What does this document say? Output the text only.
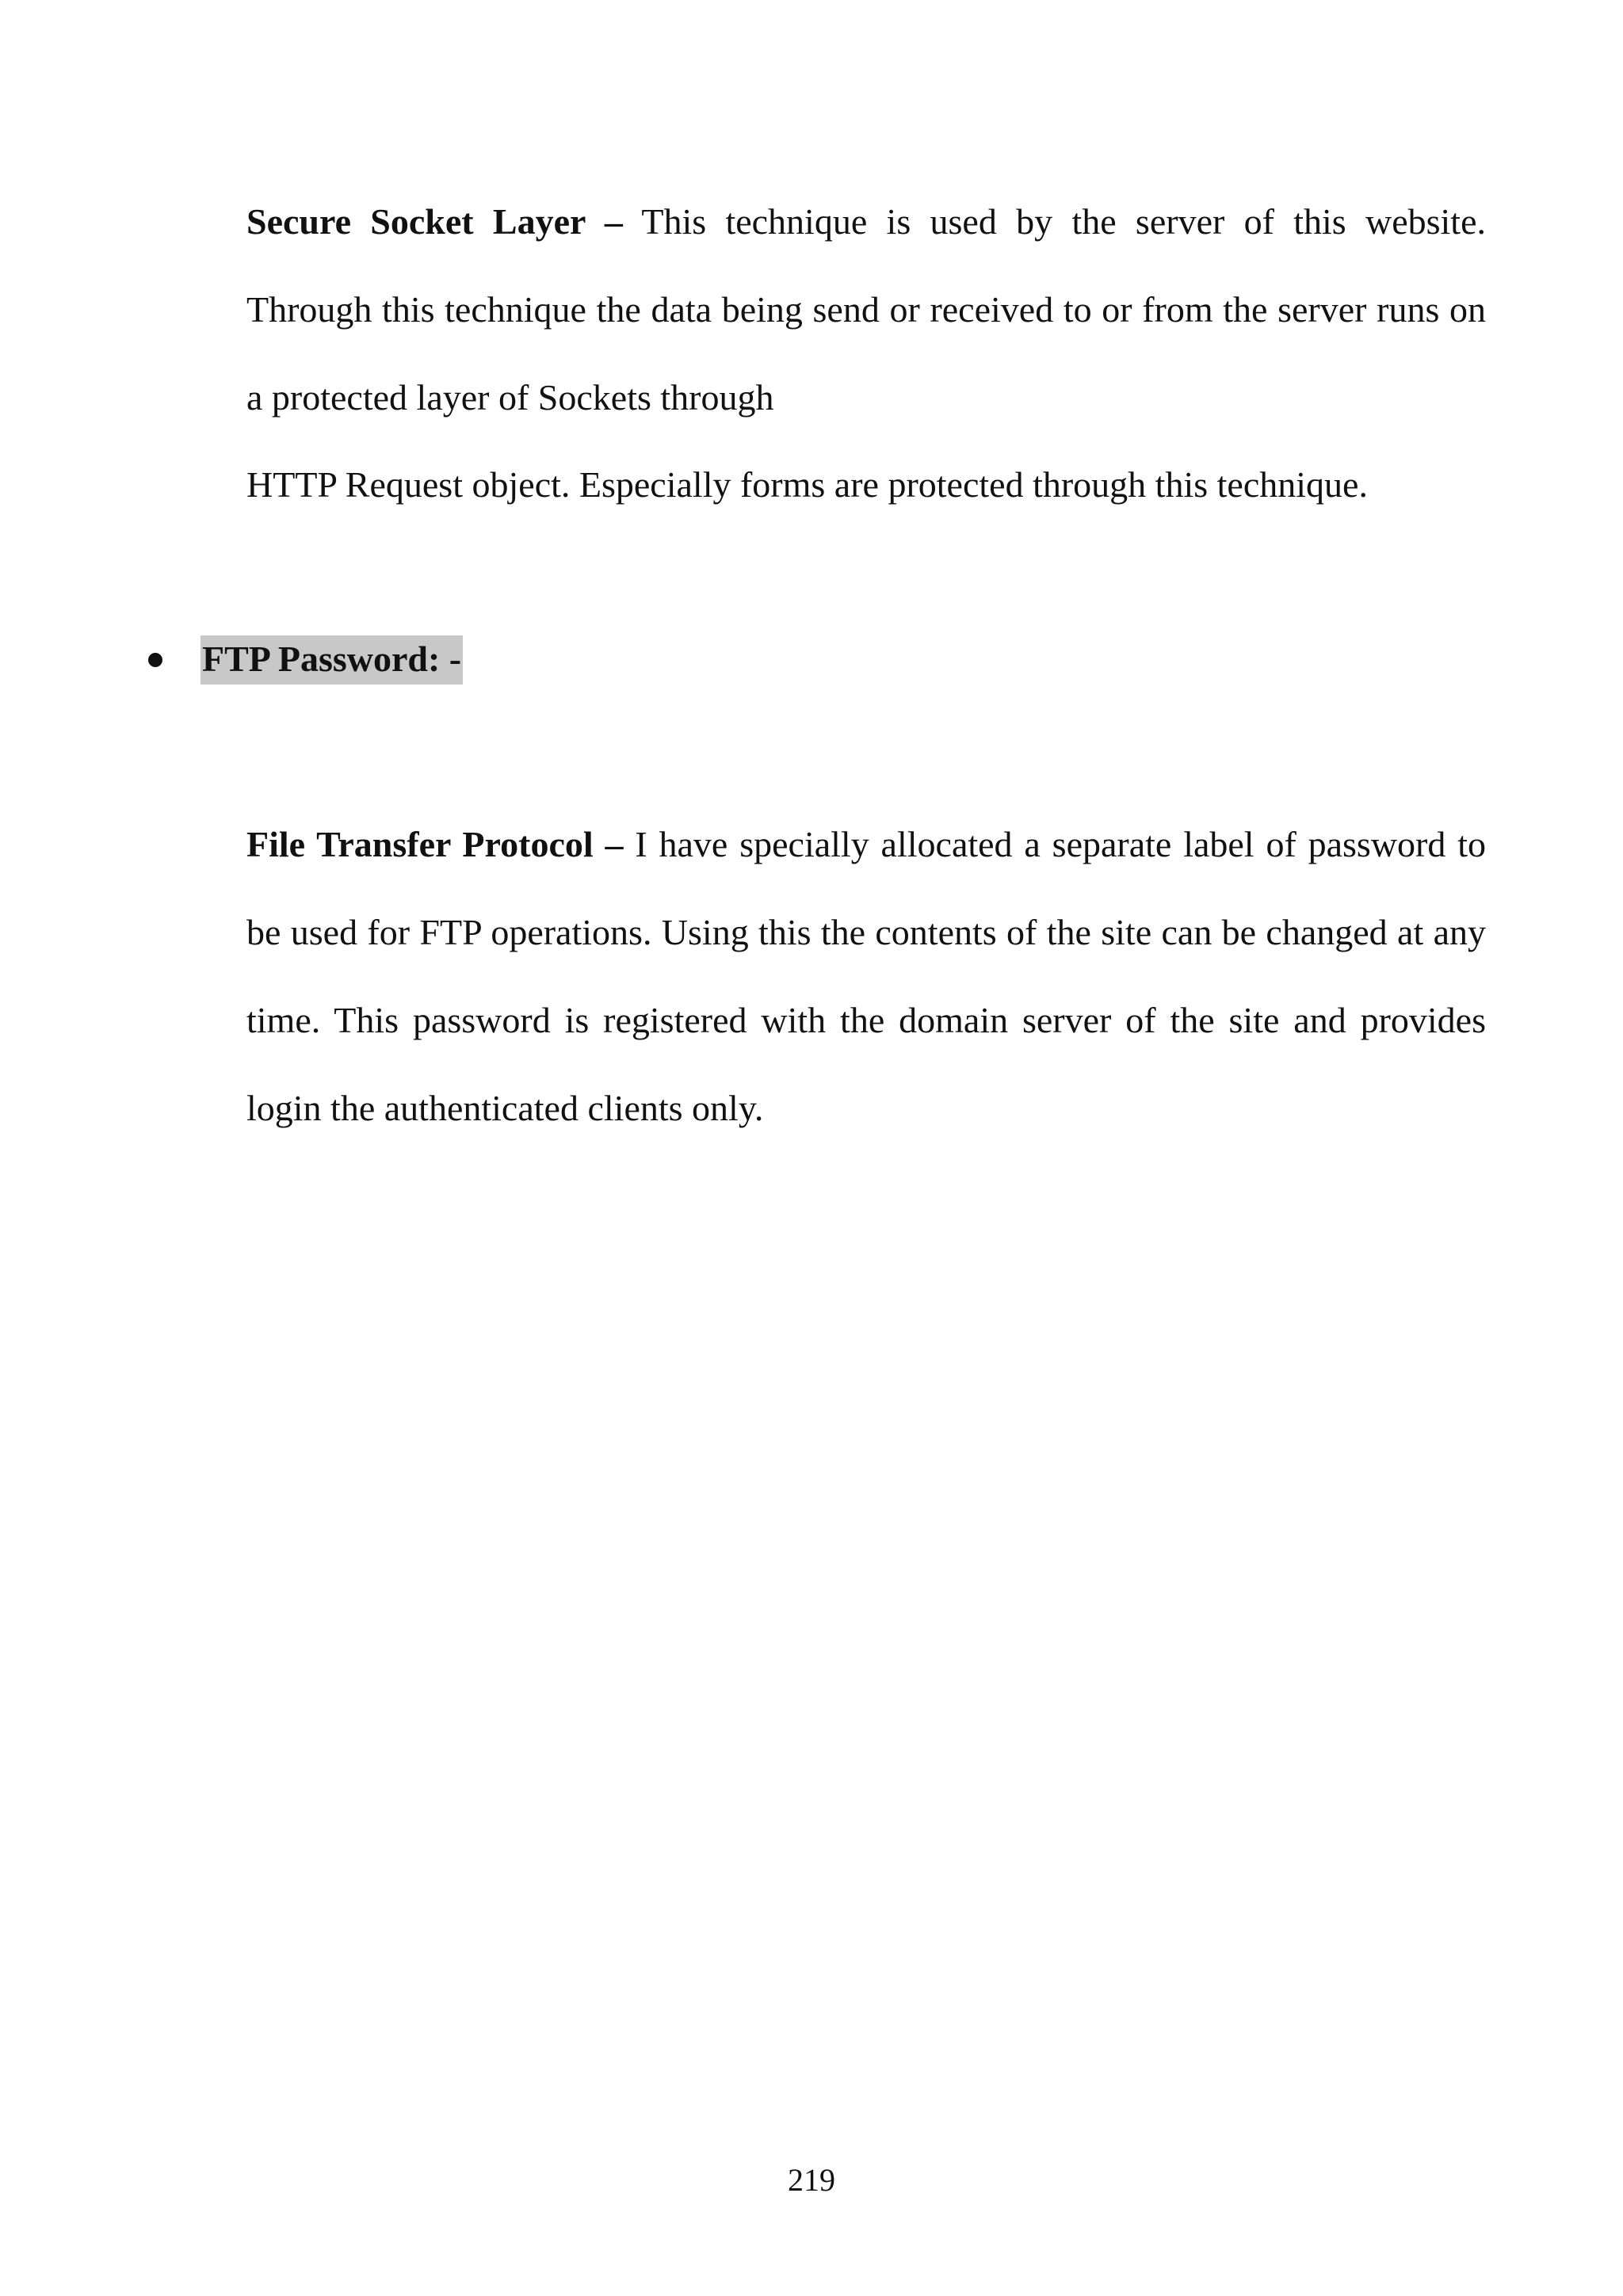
Secure Socket Layer – This technique is used by the server of this website. Through this technique the data being send or received to or from the server runs on a protected layer of Sockets through

HTTP Request object. Especially forms are protected through this technique.

FTP Password: -

File Transfer Protocol – I have specially allocated a separate label of password to be used for FTP operations. Using this the contents of the site can be changed at any time. This password is registered with the domain server of the site and provides login the authenticated clients only.

219
